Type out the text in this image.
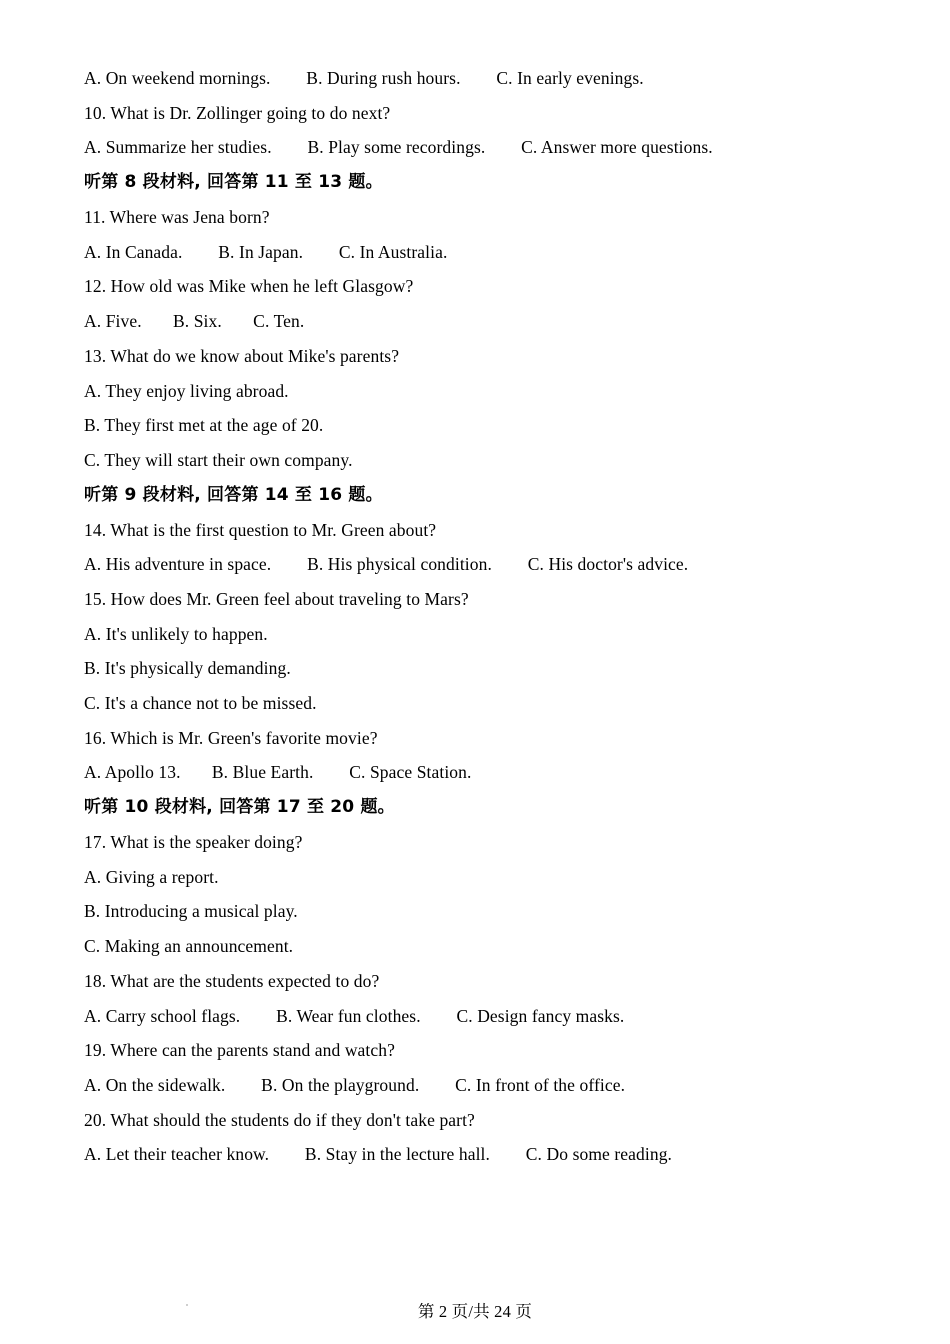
A. On weekend mornings.        B. During rush hours.        C. In early evenings.
10. What is Dr. Zollinger going to do next?
A. Summarize her studies.        B. Play some recordings.        C. Answer more questions.
听第 8 段材料, 回答第 11 至 13 题。
11. Where was Jena born?
A. In Canada.        B. In Japan.        C. In Australia.
12. How old was Mike when he left Glasgow?
A. Five.       B. Six.       C. Ten.
13. What do we know about Mike's parents?
A. They enjoy living abroad.
B. They first met at the age of 20.
C. They will start their own company.
听第 9 段材料, 回答第 14 至 16 题。
14. What is the first question to Mr. Green about?
A. His adventure in space.        B. His physical condition.        C. His doctor's advice.
15. How does Mr. Green feel about traveling to Mars?
A. It's unlikely to happen.
B. It's physically demanding.
C. It's a chance not to be missed.
16. Which is Mr. Green's favorite movie?
A. Apollo 13.       B. Blue Earth.        C. Space Station.
听第 10 段材料, 回答第 17 至 20 题。
17. What is the speaker doing?
A. Giving a report.
B. Introducing a musical play.
C. Making an announcement.
18. What are the students expected to do?
A. Carry school flags.        B. Wear fun clothes.        C. Design fancy masks.
19. Where can the parents stand and watch?
A. On the sidewalk.        B. On the playground.        C. In front of the office.
20. What should the students do if they don't take part?
A. Let their teacher know.        B. Stay in the lecture hall.        C. Do some reading.
第 2 页/共 24 页
